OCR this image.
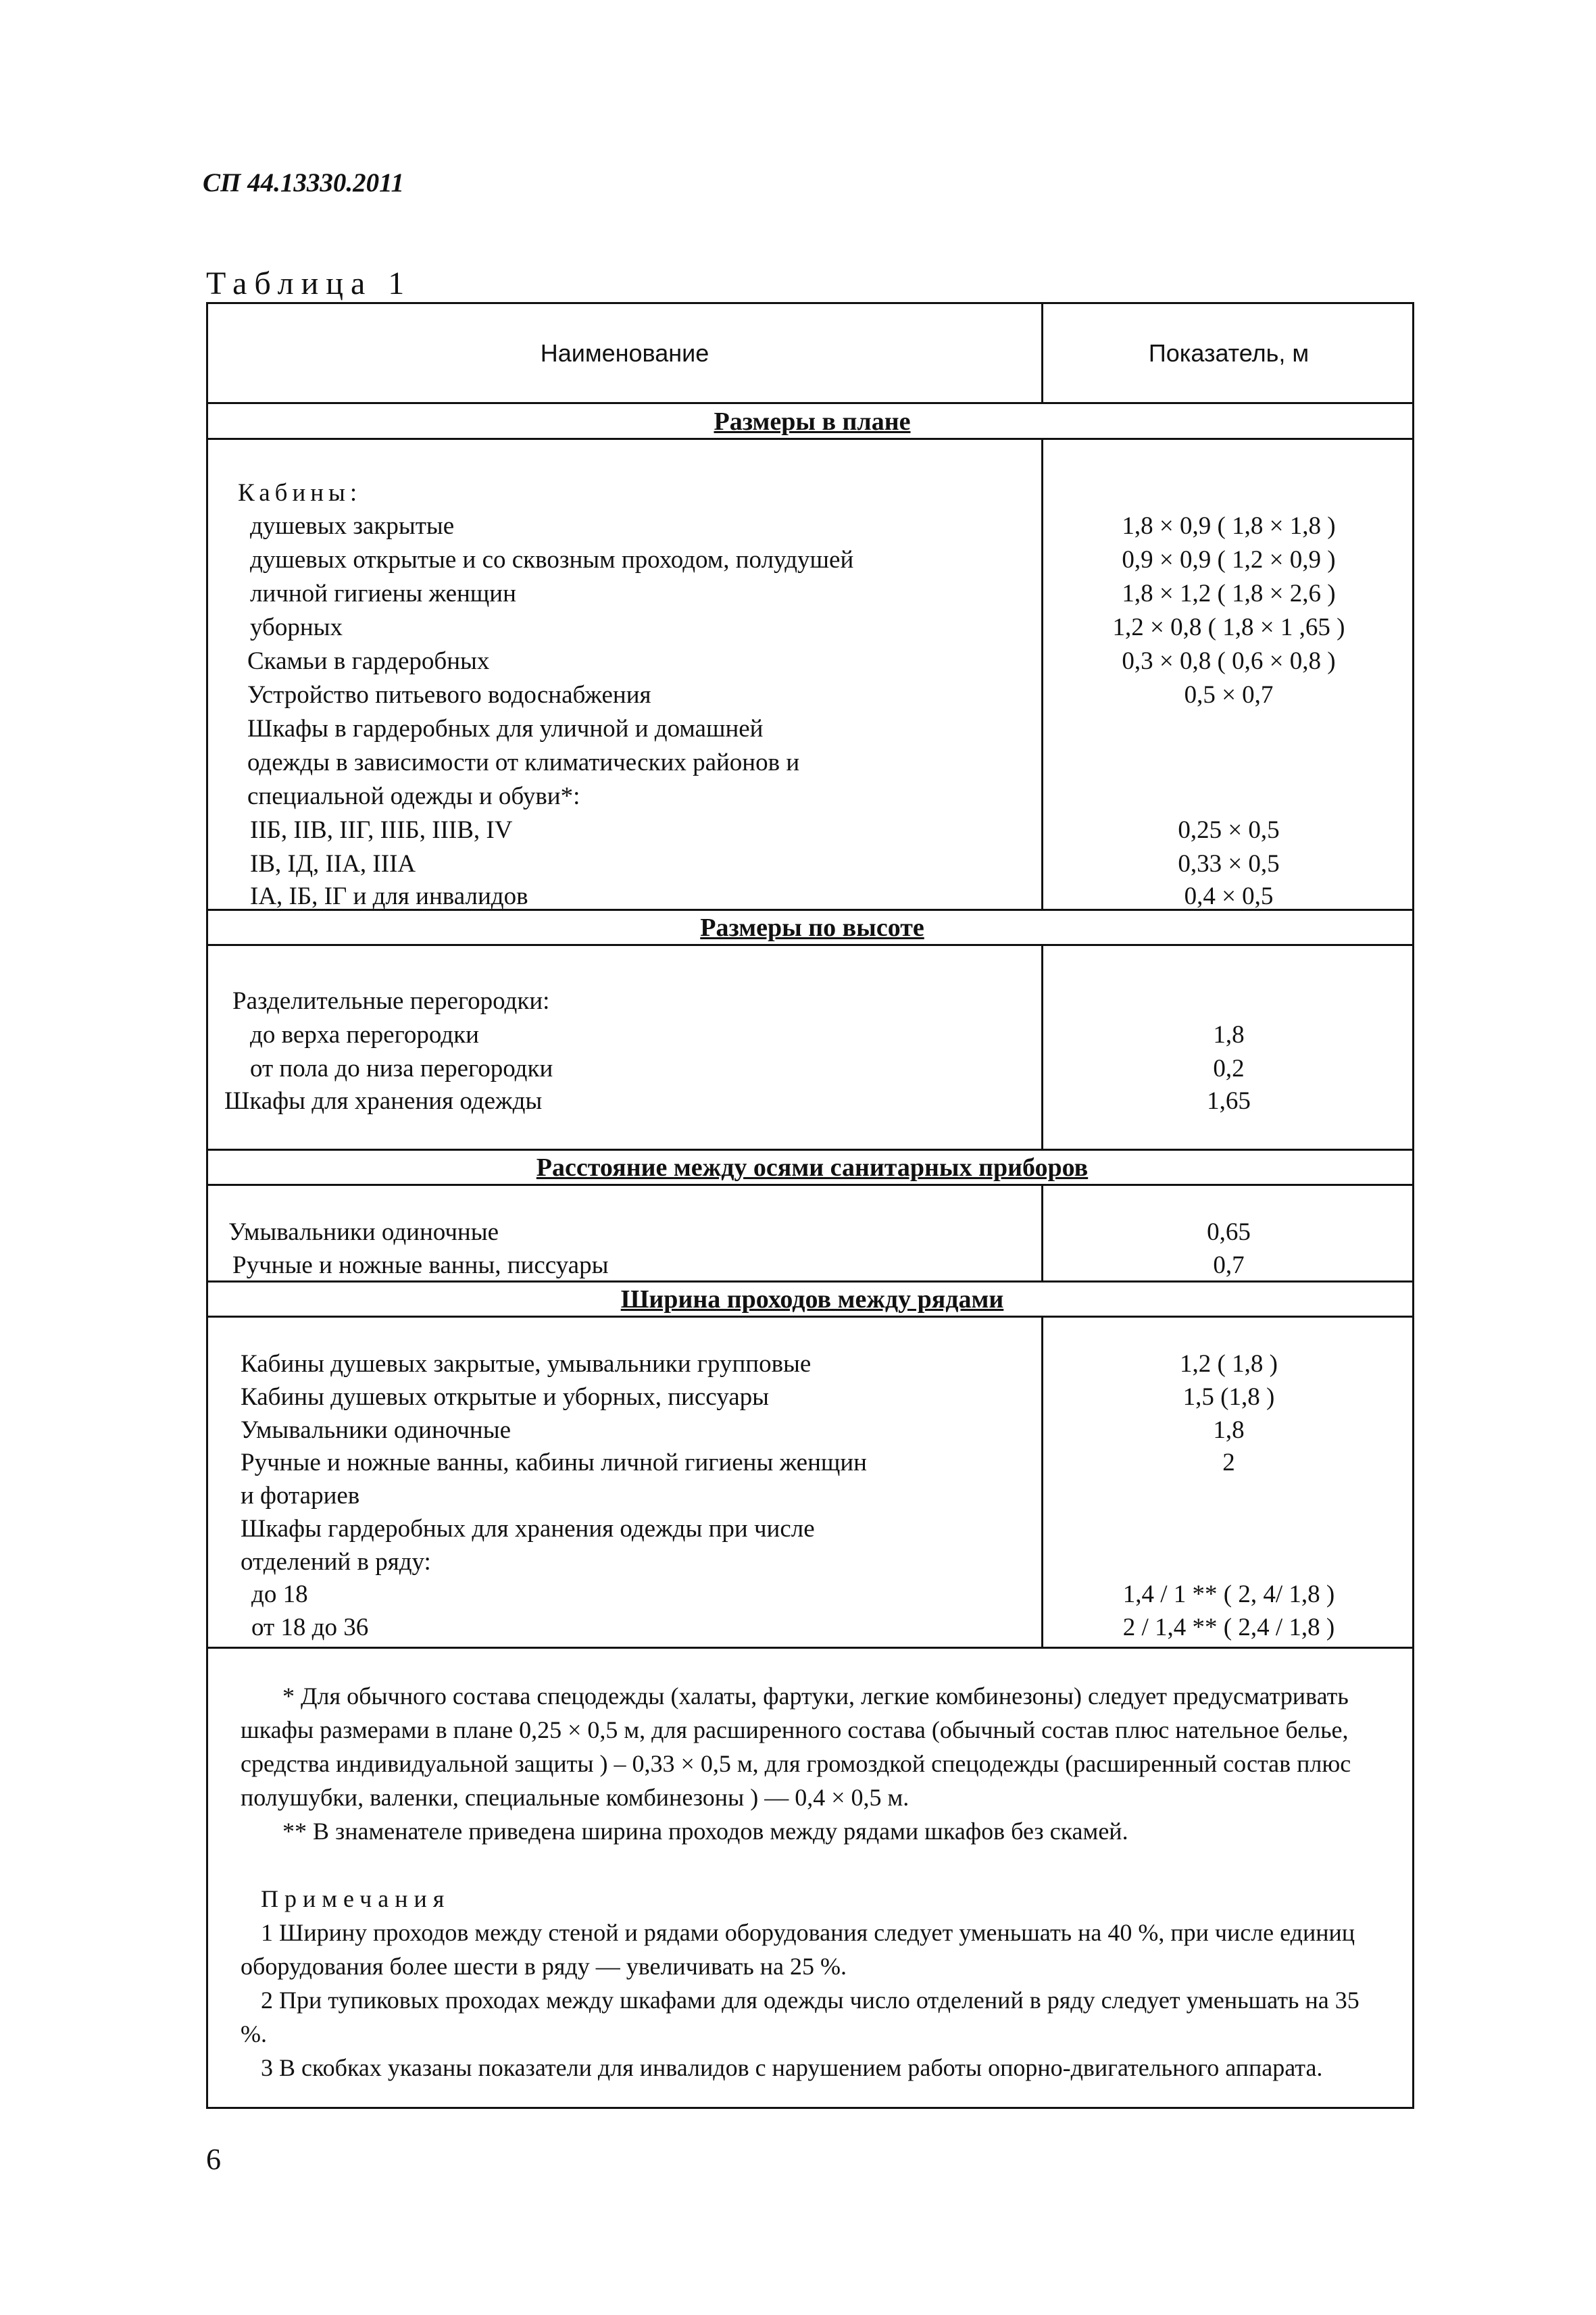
СП 44.13330.2011
Таблица 1
Наименование	Показатель, м
Размеры в плане
Кабины:
душевых закрытые	1,8 × 0,9 ( 1,8 × 1,8 )
душевых открытые и со сквозным проходом, полудушей	0,9 × 0,9 ( 1,2 × 0,9 )
личной гигиены женщин	1,8 × 1,2 ( 1,8 × 2,6 )
уборных	1,2 × 0,8 ( 1,8 × 1 ,65 )
Скамьи в гардеробных	0,3 × 0,8 ( 0,6 × 0,8 )
Устройство питьевого водоснабжения	0,5 × 0,7
Шкафы в гардеробных для уличной и домашней
одежды в зависимости от климатических районов и
специальной одежды и обуви*:
IIБ, IIВ, IIГ, IIIБ, IIIВ, IV	0,25 × 0,5
IВ, IД, IIА, IIIА	0,33 × 0,5
IА, IБ, IГ и для инвалидов	0,4 × 0,5
Размеры по высоте
Разделительные перегородки:
до верха перегородки	1,8
от пола до низа перегородки	0,2
Шкафы для хранения одежды	1,65
Расстояние между осями санитарных приборов
Умывальники одиночные	0,65
Ручные и ножные ванны, писсуары	0,7
Ширина проходов между рядами
Кабины душевых закрытые, умывальники групповые	1,2 ( 1,8 )
Кабины душевых открытые и уборных, писсуары	1,5 (1,8 )
Умывальники одиночные	1,8
Ручные и ножные ванны, кабины личной гигиены женщин	2
и фотариев
Шкафы гардеробных для хранения одежды при числе
отделений в ряду:
до 18	1,4 / 1 ** ( 2, 4/ 1,8 )
от 18 до 36	2 / 1,4 ** ( 2,4 / 1,8 )

* Для обычного состава спецодежды (халаты, фартуки, легкие комбинезоны) следует предусматривать шкафы размерами в плане 0,25 × 0,5 м, для расширенного состава (обычный состав плюс нательное белье, средства индивидуальной защиты ) – 0,33 × 0,5 м, для громоздкой спецодежды (расширенный состав плюс полушубки, валенки, специальные комбинезоны ) — 0,4 × 0,5 м.

** В знаменателе приведена ширина проходов между рядами шкафов без скамей.

Примечания

1 Ширину проходов между стеной и рядами оборудования следует уменьшать на 40 %, при числе единиц оборудования более шести в ряду — увеличивать на 25 %.

2 При тупиковых проходах между шкафами для одежды число отделений в ряду следует уменьшать на 35 %.

3 В скобках указаны показатели для инвалидов с нарушением работы опорно-двигательного аппарата.

6
